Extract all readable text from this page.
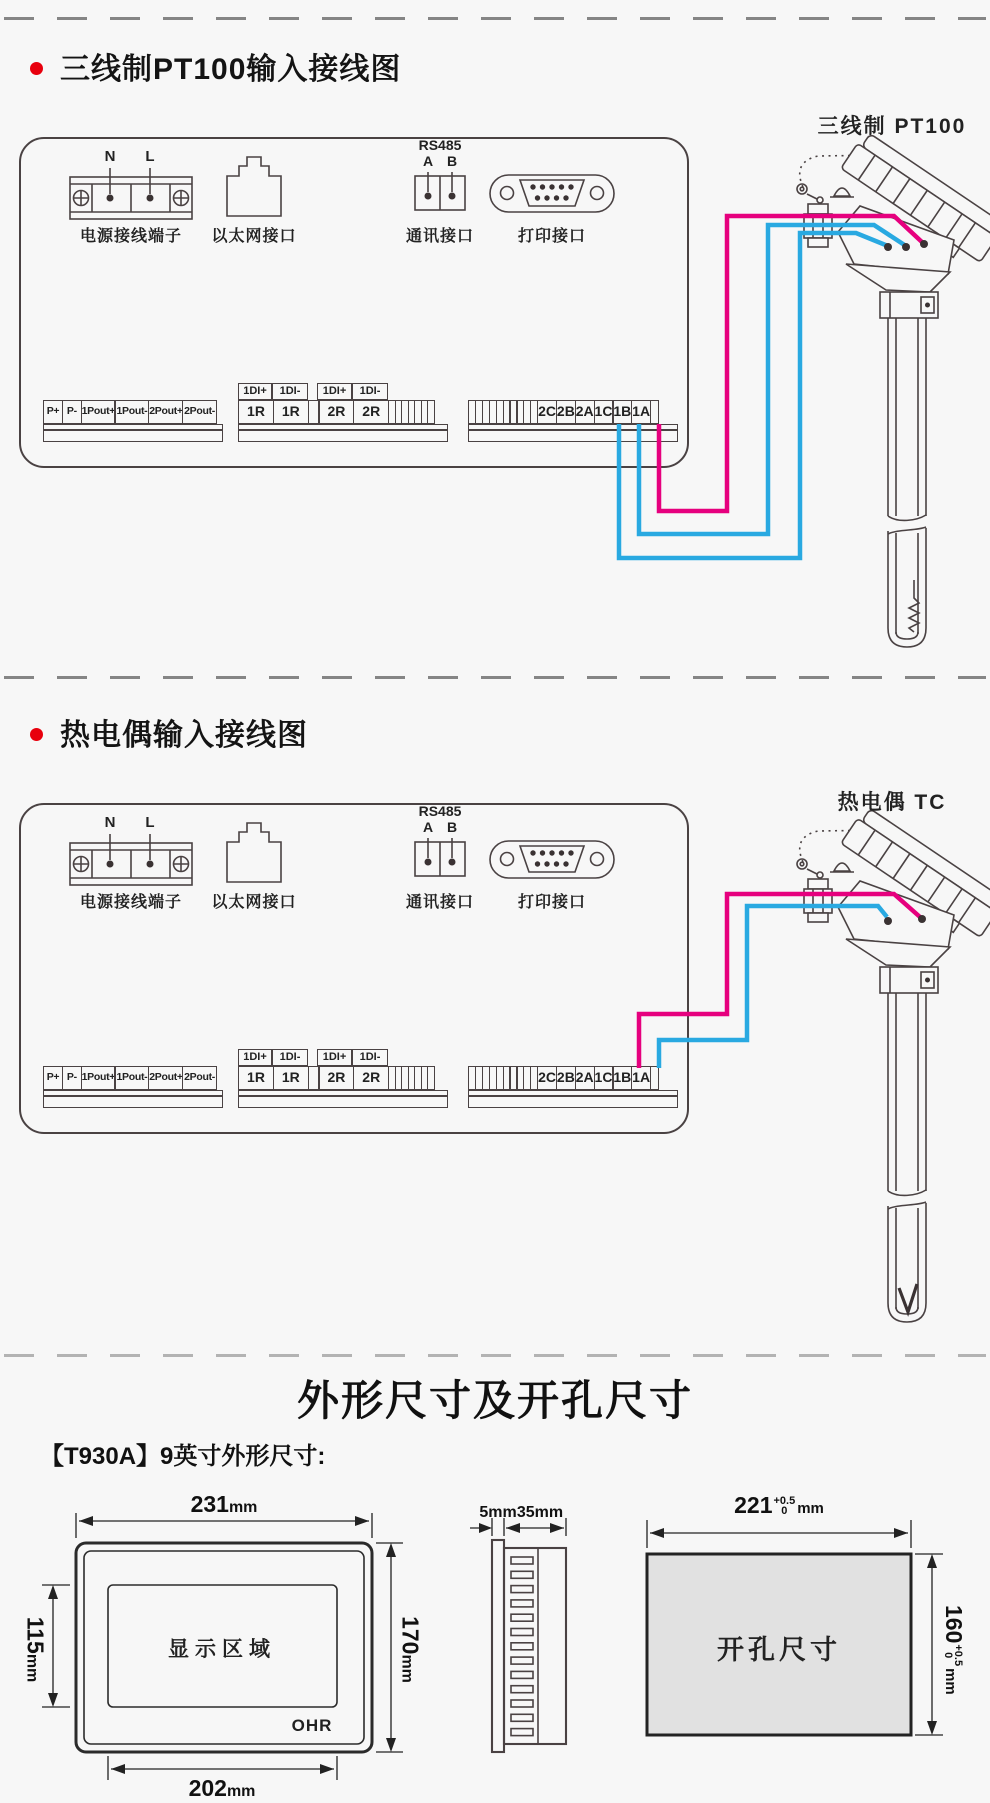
三线制PT100输入接线图
三线制 PT100
N L
RS485
A B
电源接线端子	以太网接口	通讯接口	打印接口
P+ P- 1Pout+ 1Pout- 2Pout+ 2Pout-
1DI+	1DI-	1DI+	1DI-
1R	1R	2R	2R	2C 2B 2A 1C 1B 1A
热电偶输入接线图
热电偶 TC
N L
RS485
A B
电源接线端子	以太网接口	通讯接口	打印接口
P+ P- 1Pout+ 1Pout- 2Pout+ 2Pout-
1DI+	1DI-	1DI+	1DI-
1R	1R	2R	2R	2C 2B 2A 1C 1B 1A
外形尺寸及开孔尺寸
【T930A】9英寸外形尺寸:
231mm
115mm
170mm
202mm
显示区域
OHR
5mm 35mm	221 +0.5
0 mm
160
+0.5
0
mm
开孔尺寸
